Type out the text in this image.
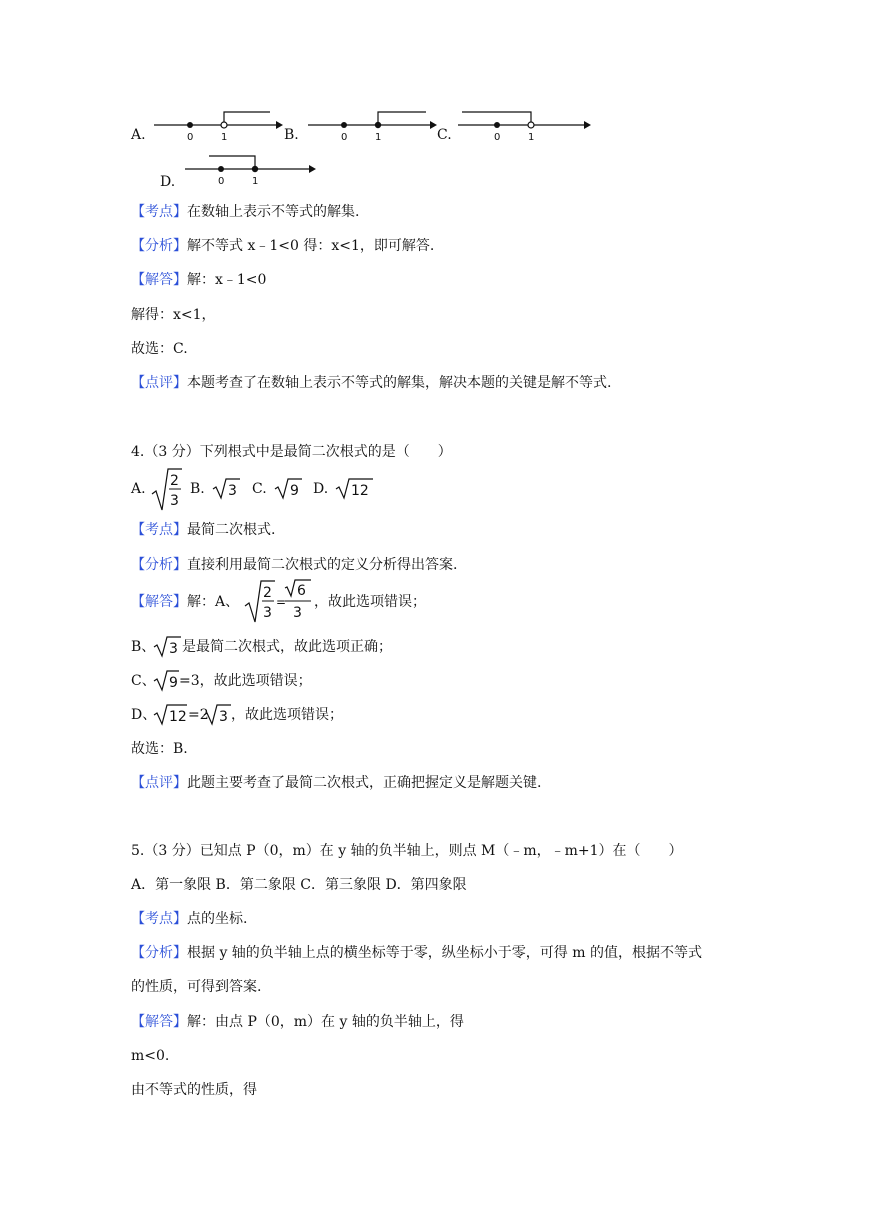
A.	0	1	B.	0	1	C.	0	1
D.	0	1
【考点】在数轴上表示不等式的解集.
【分析】解不等式 x﹣1<0 得：x<1，即可解答.
【解答】解：x﹣1<0
解得：x<1，
故选：C.
【点评】本题考查了在数轴上表示不等式的解集，解决本题的关键是解不等式.
4.（3 分）下列根式中是最简二次根式的是（　　）
A. 2
3
B. 3 C. 9 D. 12
【考点】最简二次根式.
【分析】直接利用最简二次根式的定义分析得出答案.
【解答】解：A、
2
3
=
6
3
，故此选项错误；
B、 3 是最简二次根式，故此选项正确；
C、 9 =3，故此选项错误；
D、 12 =2 3 ，故此选项错误；
故选：B.
【点评】此题主要考查了最简二次根式，正确把握定义是解题关键.
5.（3 分）已知点 P（0，m）在 y 轴的负半轴上，则点 M（﹣m，﹣m+1）在（　　）
A．第一象限 B．第二象限 C．第三象限 D．第四象限
【考点】点的坐标.
【分析】根据 y 轴的负半轴上点的横坐标等于零，纵坐标小于零，可得 m 的值，根据不等式
的性质，可得到答案.
【解答】解：由点 P（0，m）在 y 轴的负半轴上，得
m<0.
由不等式的性质，得
